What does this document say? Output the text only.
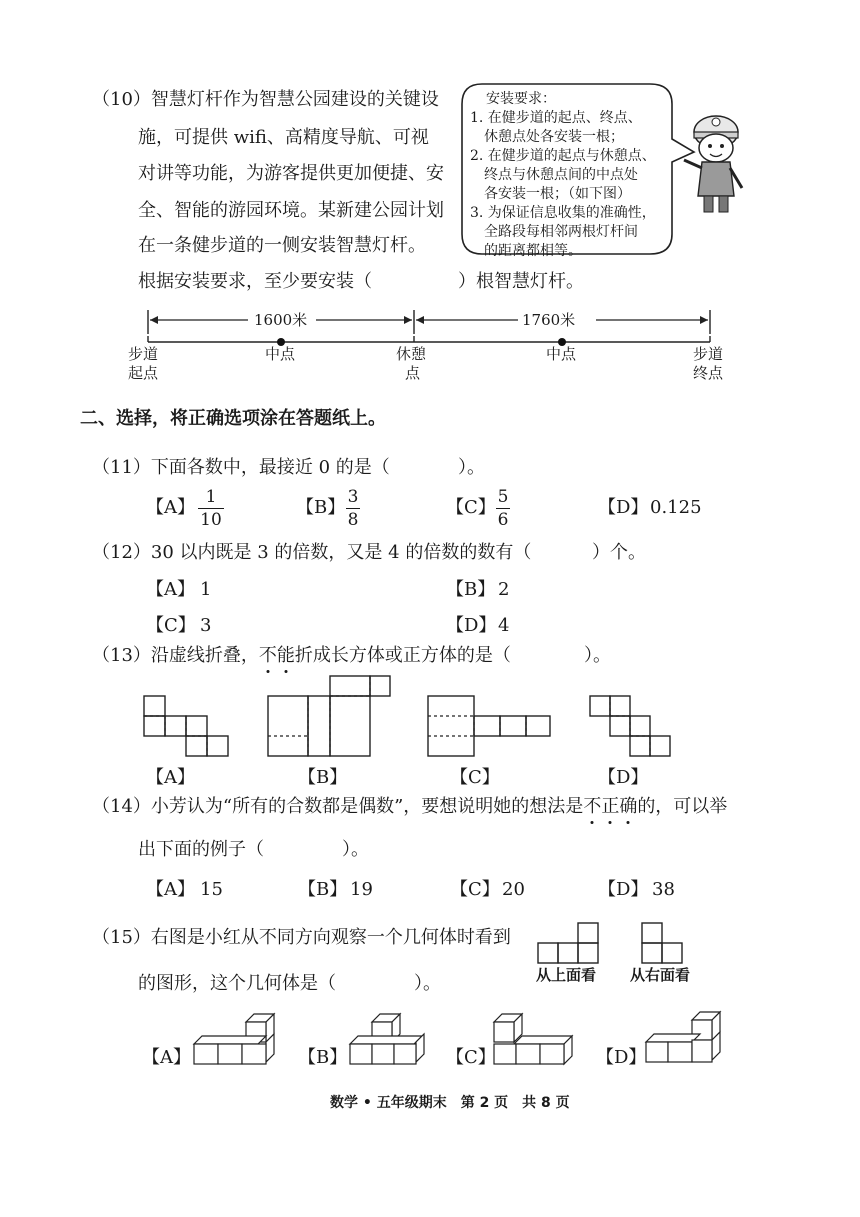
（10）智慧灯杆作为智慧公园建设的关键设
施，可提供 wifi、高精度导航、可视
对讲等功能，为游客提供更加便捷、安
全、智能的游园环境。某新建公园计划
在一条健步道的一侧安装智慧灯杆。
根据安装要求，至少要安装（	）根智慧灯杆。
安装要求：
1. 在健步道的起点、终点、
休憩点处各安装一根；
2. 在健步道的起点与休憩点、
终点与休憩点间的中点处
各安装一根；（如下图）
3. 为保证信息收集的准确性，
全路段每相邻两根灯杆间
的距离都相等。
1600米	1760米
步道
起点
中点	休憩
点
中点	步道
终点
二、选择，将正确选项涂在答题纸上。
（11）下面各数中，最接近 0 的是（	）。
【A】 1
10
【B】 3
8
【C】 5
6
【D】 0.125
（12）30 以内既是 3 的倍数，又是 4 的倍数的数有（	）个。
【A】 1	【B】 2
【C】 3	【D】 4
（13）沿虚线折叠，不
能
折成长方体或正方体的是（	）。
【A】	【B】	【C】	【D】
（14）小芳认为“所有的合数都是偶数”，要想说明她的想法是不
正
确
的，可以举
出下面的例子（	）。
【A】 15	【B】 19	【C】 20	【D】 38
（15）右图是小红从不同方向观察一个几何体时看到
的图形，这个几何体是（	）。	从上面看 从右面看
【A】	【B】	【C】	【D】
数学 • 五年级期末　第 2 页　共 8 页
